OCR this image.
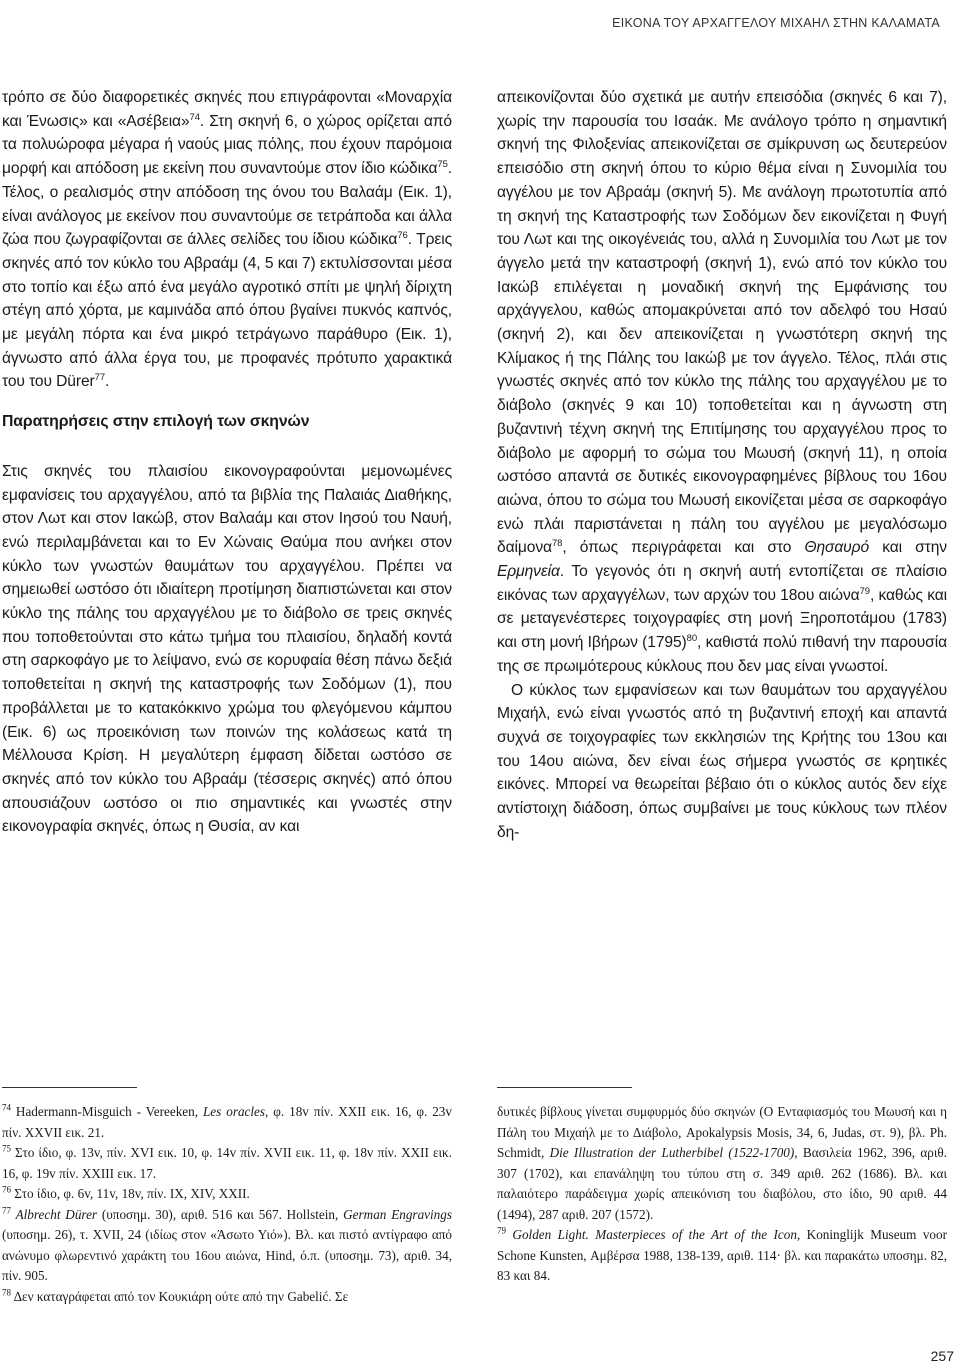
ΕΙΚΟΝΑ ΤΟΥ ΑΡΧΑΓΓΕΛΟΥ ΜΙΧΑΗΛ ΣΤΗΝ ΚΑΛΑΜΑΤΑ

τρόπο σε δύο διαφορετικές σκηνές που επιγράφονται «Μοναρχία και Ένωσις» και «Ασέβεια»$^{74}$. Στη σκηνή 6, ο χώρος ορίζεται από τα πολυώροφα μέγαρα ή ναούς μιας πόλης, που έχουν παρόμοια μορφή και απόδοση με εκείνη που συναντούμε στον ίδιο κώδικα$^{75}$. Τέλος, ο ρεαλισμός στην απόδοση της όνου του Βαλαάμ (Εικ. 1), είναι ανάλογος με εκείνον που συναντούμε σε τετράποδα και άλλα ζώα που ζωγραφίζονται σε άλλες σελίδες του ίδιου κώδικα$^{76}$. Τρεις σκηνές από τον κύκλο του Αβραάμ (4, 5 και 7) εκτυλίσσονται μέσα στο τοπίο και έξω από ένα μεγάλο αγροτικό σπίτι με ψηλή δίριχτη στέγη από χόρτα, με καμινάδα από όπου βγαίνει πυκνός καπνός, με μεγάλη πόρτα και ένα μικρό τετράγωνο παράθυρο (Εικ. 1), άγνωστο από άλλα έργα του, με προφανές πρότυπο χαρακτικά του του Dürer$^{77}$.

Παρατηρήσεις στην επιλογή των σκηνών

Στις σκηνές του πλαισίου εικονογραφούνται μεμονωμένες εμφανίσεις του αρχαγγέλου, από τα βιβλία της Παλαιάς Διαθήκης, στον Λωτ και στον Ιακώβ, στον Βαλαάμ και στον Ιησού του Ναυή, ενώ περιλαμβάνεται και το Εν Χώναις Θαύμα που ανήκει στον κύκλο των γνωστών θαυμάτων του αρχαγγέλου. Πρέπει να σημειωθεί ωστόσο ότι ιδιαίτερη προτίμηση διαπιστώνεται και στον κύκλο της πάλης του αρχαγγέλου με το διάβολο σε τρεις σκηνές που τοποθετούνται στο κάτω τμήμα του πλαισίου, δηλαδή κοντά στη σαρκοφάγο με το λείψανο, ενώ σε κορυφαία θέση πάνω δεξιά τοποθετείται η σκηνή της καταστροφής των Σοδόμων (1), που προβάλλεται με το κατακόκκινο χρώμα του φλεγόμενου κάμπου (Εικ. 6) ως προεικόνιση των ποινών της κολάσεως κατά τη Μέλλουσα Κρίση. Η μεγαλύτερη έμφαση δίδεται ωστόσο σε σκηνές από τον κύκλο του Αβραάμ (τέσσερις σκηνές) από όπου απουσιάζουν ωστόσο οι πιο σημαντικές και γνωστές στην εικονογραφία σκηνές, όπως η Θυσία, αν και

απεικονίζονται δύο σχετικά με αυτήν επεισόδια (σκηνές 6 και 7), χωρίς την παρουσία του Ισαάκ. Με ανάλογο τρόπο η σημαντική σκηνή της Φιλοξενίας απεικονίζεται σε σμίκρυνση ως δευτερεύον επεισόδιο στη σκηνή όπου το κύριο θέμα είναι η Συνομιλία του αγγέλου με τον Αβραάμ (σκηνή 5). Με ανάλογη πρωτοτυπία από τη σκηνή της Καταστροφής των Σοδόμων δεν εικονίζεται η Φυγή του Λωτ και της οικογένειάς του, αλλά η Συνομιλία του Λωτ με τον άγγελο μετά την καταστροφή (σκηνή 1), ενώ από τον κύκλο του Ιακώβ επιλέγεται η μοναδική σκηνή της Εμφάνισης του αρχάγγελου, καθώς απομακρύνεται από τον αδελφό του Ησαύ (σκηνή 2), και δεν απεικονίζεται η γνωστότερη σκηνή της Κλίμακος ή της Πάλης του Ιακώβ με τον άγγελο. Τέλος, πλάι στις γνωστές σκηνές από τον κύκλο της πάλης του αρχαγγέλου με το διάβολο (σκηνές 9 και 10) τοποθετείται και η άγνωστη στη βυζαντινή τέχνη σκηνή της Επιτίμησης του αρχαγγέλου προς το διάβολο με αφορμή το σώμα του Μωυσή (σκηνή 11), η οποία ωστόσο απαντά σε δυτικές εικονογραφημένες βίβλους του 16ου αιώνα, όπου το σώμα του Μωυσή εικονίζεται μέσα σε σαρκοφάγο ενώ πλάι παριστάνεται η πάλη του αγγέλου με μεγαλόσωμο δαίμονα$^{78}$, όπως περιγράφεται και στο Θησαυρό και στην Ερμηνεία. Το γεγονός ότι η σκηνή αυτή εντοπίζεται σε πλαίσιο εικόνας των αρχαγγέλων, των αρχών του 18ου αιώνα$^{79}$, καθώς και σε μεταγενέστερες τοιχογραφίες στη μονή Ξηροποτάμου (1783) και στη μονή Ιβήρων $(1795)^{80}$, καθιστά πολύ πιθανή την παρουσία της σε πρωιμότερους κύκλους που δεν μας είναι γνωστοί.

Ο κύκλος των εμφανίσεων και των θαυμάτων του αρχαγγέλου Μιχαήλ, ενώ είναι γνωστός από τη βυζαντινή εποχή και απαντά συχνά σε τοιχογραφίες των εκκλησιών της Κρήτης του 13ου και του 14ου αιώνα, δεν είναι έως σήμερα γνωστός σε κρητικές εικόνες. Μπορεί να θεωρείται βέβαιο ότι ο κύκλος αυτός δεν είχε αντίστοιχη διάδοση, όπως συμβαίνει με τους κύκλους των πλέον δη-

$^{74}$ Hadermann-Misguich - Vereeken, Les oracles, φ. 18v πίν. XXII εικ. 16, φ. 23v πίν. XXVII εικ. 21.

$^{75}$ Στο ίδιο, φ. 13v, πίν. XVI εικ. 10, φ. 14v πίν. XVII εικ. 11, φ. 18v πίν. XXII εικ. 16, φ. 19v πίν. XXIII εικ. 17.

$^{76}$ Στο ίδιο, φ. 6v, 11v, 18v, πίν. IX, XIV, XXII.

$^{77}$ Albrecht Dürer (υποσημ. 30), αριθ. 516 και 567. Hollstein, German Engravings (υποσημ. 26), τ. XVII, 24 (ιδίως στον «Άσωτο Υιό»). Βλ. και πιστό αντίγραφο από ανώνυμο φλωρεντινό χαράκτη του 16ου αιώνα, Hind, ό.π. (υποσημ. 73), αριθ. 34, πίν. 905.

$^{78}$ Δεν καταγράφεται από τον Κουκιάρη ούτε από την Gabelić. Σε

δυτικές βίβλους γίνεται συμφυρμός δύο σκηνών (Ο Ενταφιασμός του Μωυσή και η Πάλη του Μιχαήλ με το Διάβολο, Apokalypsis Mosis, 34, 6, Judas, στ. 9), βλ. Ph. Schmidt, Die Illustration der Lutherbibel (1522-1700), Βασιλεία 1962, 396, αριθ. 307 (1702), και επανάληψη του τύπου στη σ. 349 αριθ. 262 (1686). Βλ. και παλαιότερο παράδειγμα χωρίς απεικόνιση του διαβόλου, στο ίδιο, 90 αριθ. 44 (1494), 287 αριθ. 207 (1572).

$^{79}$ Golden Light. Masterpieces of the Art of the Icon, Koninglijk Museum voor Schone Kunsten, Αμβέρσα 1988, 138-139, αριθ. 114· βλ. και παρακάτω υποσημ. 82, 83 και 84.

257
